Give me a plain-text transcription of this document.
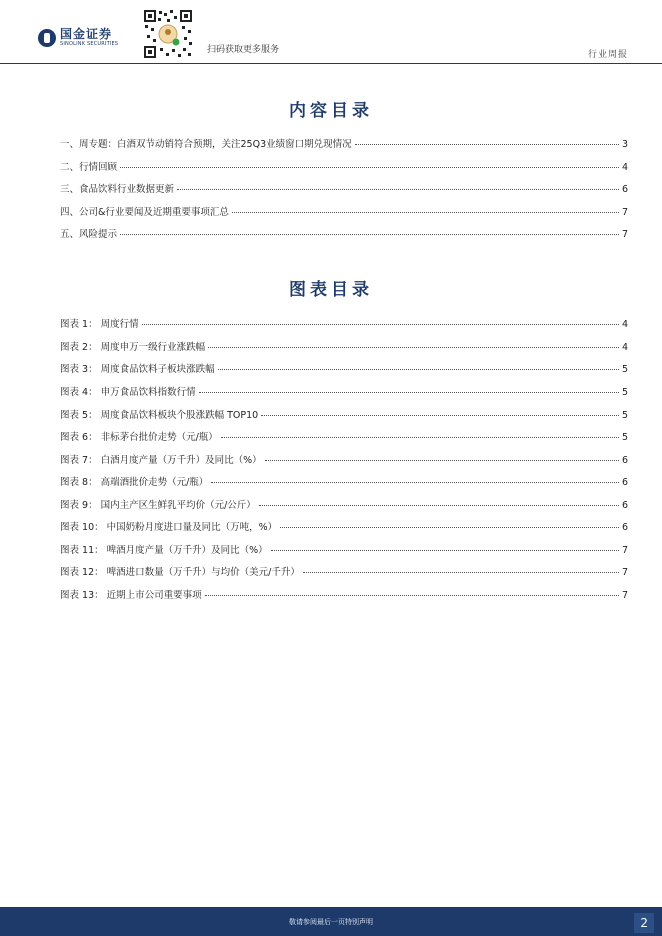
国金证券
SINOLINK SECURITIES
扫码获取更多服务	行业周报
内容目录
一、周专题：白酒双节动销符合预期，关注25Q3业绩窗口期兑现情况	3
二、行情回顾	4
三、食品饮料行业数据更新	6
四、公司&行业要闻及近期重要事项汇总	7
五、风险提示	7
图表目录
图表 1： 周度行情	4
图表 2： 周度申万一级行业涨跌幅	4
图表 3： 周度食品饮料子板块涨跌幅	5
图表 4： 申万食品饮料指数行情	5
图表 5： 周度食品饮料板块个股涨跌幅 TOP10	5
图表 6： 非标茅台批价走势（元/瓶）	5
图表 7： 白酒月度产量（万千升）及同比（%）	6
图表 8： 高端酒批价走势（元/瓶）	6
图表 9： 国内主产区生鲜乳平均价（元/公斤）	6
图表 10： 中国奶粉月度进口量及同比（万吨，%）	6
图表 11： 啤酒月度产量（万千升）及同比（%）	7
图表 12： 啤酒进口数量（万千升）与均价（美元/千升）	7
图表 13： 近期上市公司重要事项	7
敬请参阅最后一页特别声明	2
